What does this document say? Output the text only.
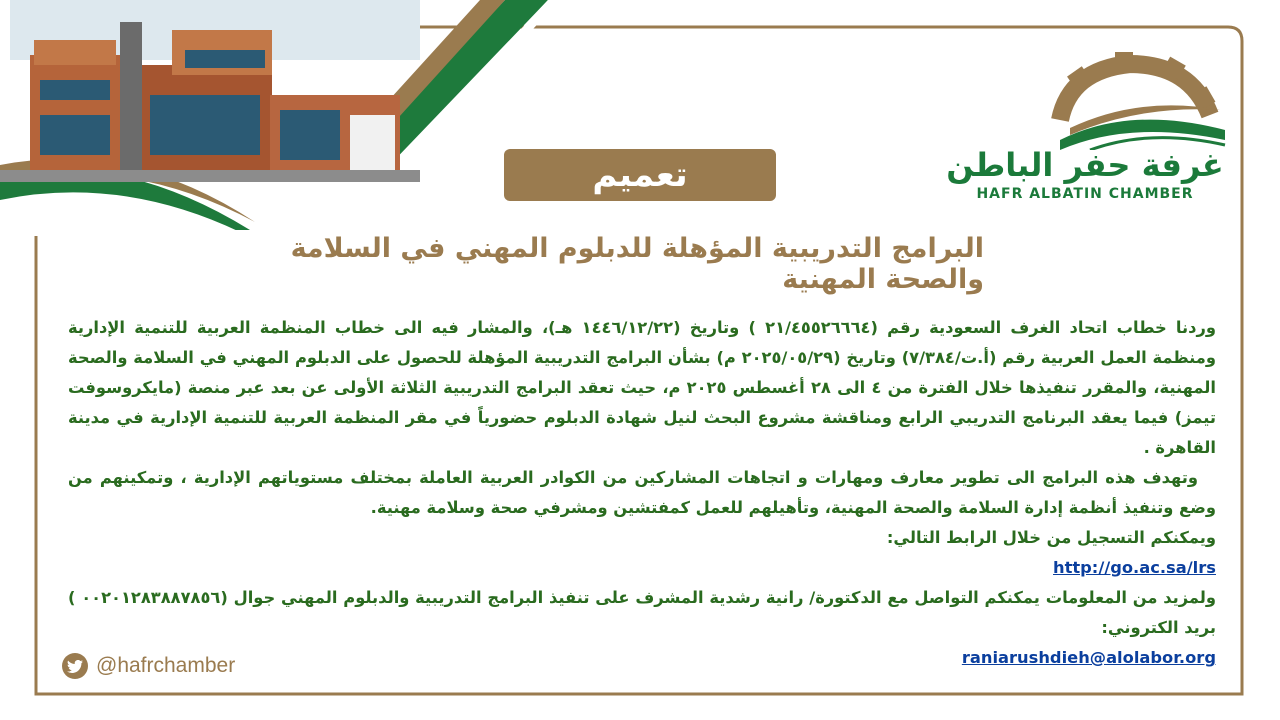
غرفة حفر الباطن
HAFR ALBATIN CHAMBER
تعميم
البرامج التدريبية المؤهلة للدبلوم المهني في السلامة والصحة المهنية

وردنا خطاب اتحاد الغرف السعودية رقم (٢١/٤٥٥٢٦٦٦٤ ) وتاريخ (١٤٤٦/١٢/٢٢ هـ)، والمشار فيه الى خطاب المنظمة العربية للتنمية الإدارية ومنظمة العمل العربية رقم (أ.ت/٧/٣٨٤) وتاريخ (٢٠٢٥/٠٥/٢٩ م) بشأن البرامج التدريبية المؤهلة للحصول على الدبلوم المهني في السلامة والصحة المهنية، والمقرر تنفيذها خلال الفترة من ٤ الى ٢٨ أغسطس ٢٠٢٥ م، حيث تعقد البرامج التدريبية الثلاثة الأولى عن بعد عبر منصة (مايكروسوفت تيمز) فيما يعقد البرنامج التدريبي الرابع ومناقشة مشروع البحث لنيل شهادة الدبلوم حضورياً في مقر المنظمة العربية للتنمية الإدارية في مدينة القاهرة .

وتهدف هذه البرامج الى تطوير معارف ومهارات و اتجاهات المشاركين من الكوادر العربية العاملة بمختلف مستوياتهم الإدارية ، وتمكينهم من وضع وتنفيذ أنظمة إدارة السلامة والصحة المهنية، وتأهيلهم للعمل كمفتشين ومشرفي صحة وسلامة مهنية.

ويمكنكم التسجيل من خلال الرابط التالي:

http://go.ac.sa/lrs

ولمزيد من المعلومات يمكنكم التواصل مع الدكتورة/ رانية رشدية المشرف على تنفيذ البرامج التدريبية والدبلوم المهني جوال (٠٠٢٠١٢٨٣٨٨٧٨٥٦ ) بريد الكتروني:

raniarushdieh@alolabor.org

@hafrchamber
